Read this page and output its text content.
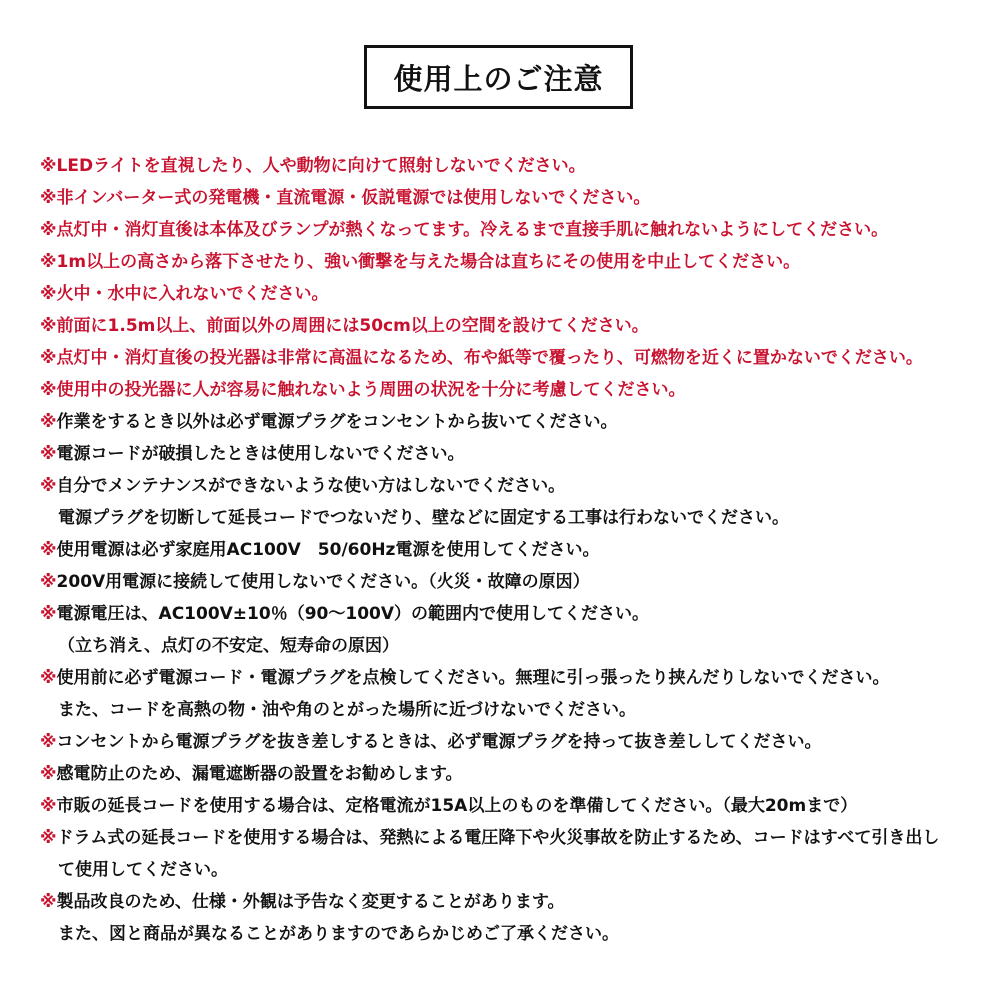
使用上のご注意
※LEDライトを直視したり、人や動物に向けて照射しないでください。
※非インバーター式の発電機・直流電源・仮説電源では使用しないでください。
※点灯中・消灯直後は本体及びランプが熱くなってます。冷えるまで直接手肌に触れないようにしてください。
※1m以上の高さから落下させたり、強い衝撃を与えた場合は直ちにその使用を中止してください。
※火中・水中に入れないでください。
※前面に1.5m以上、前面以外の周囲には50cm以上の空間を設けてください。
※点灯中・消灯直後の投光器は非常に高温になるため、布や紙等で覆ったり、可燃物を近くに置かないでください。
※使用中の投光器に人が容易に触れないよう周囲の状況を十分に考慮してください。
※作業をするとき以外は必ず電源プラグをコンセントから抜いてください。
※電源コードが破損したときは使用しないでください。
※自分でメンテナンスができないような使い方はしないでください。
電源プラグを切断して延長コードでつないだり、壁などに固定する工事は行わないでください。
※使用電源は必ず家庭用AC100V　50/60Hz電源を使用してください。
※200V用電源に接続して使用しないでください。（火災・故障の原因）
※電源電圧は、AC100V±10％（90～100V）の範囲内で使用してください。
（立ち消え、点灯の不安定、短寿命の原因）
※使用前に必ず電源コード・電源プラグを点検してください。無理に引っ張ったり挟んだりしないでください。
また、コードを高熱の物・油や角のとがった場所に近づけないでください。
※コンセントから電源プラグを抜き差しするときは、必ず電源プラグを持って抜き差ししてください。
※感電防止のため、漏電遮断器の設置をお勧めします。
※市販の延長コードを使用する場合は、定格電流が15A以上のものを準備してください。（最大20mまで）
※ドラム式の延長コードを使用する場合は、発熱による電圧降下や火災事故を防止するため、コードはすべて引き出し
て使用してください。
※製品改良のため、仕様・外観は予告なく変更することがあります。
また、図と商品が異なることがありますのであらかじめご了承ください。
